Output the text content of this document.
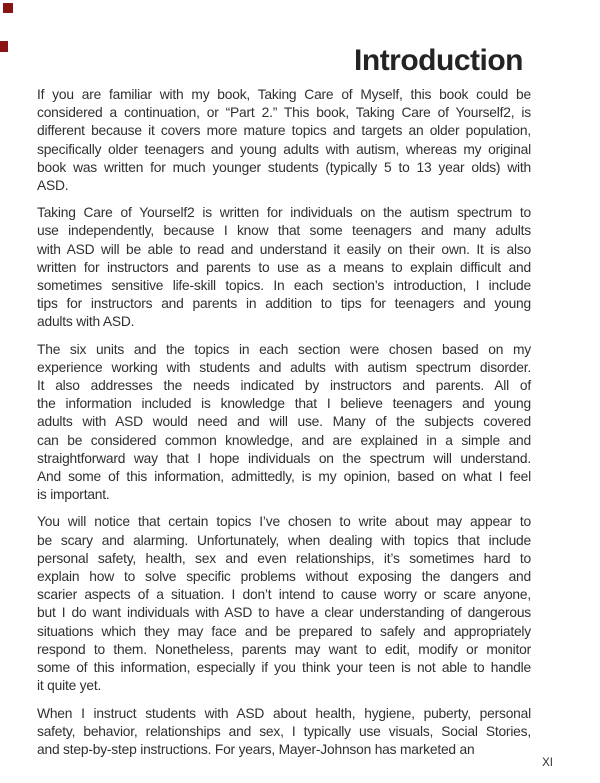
Introduction
If you are familiar with my book, Taking Care of Myself, this book could be
considered a continuation, or “Part 2.” This book, Taking Care of Yourself2, is
different because it covers more mature topics and targets an older population,
specifically older teenagers and young adults with autism, whereas my original
book was written for much younger students (typically 5 to 13 year olds) with
ASD.
Taking Care of Yourself2 is written for individuals on the autism spectrum to
use independently, because I know that some teenagers and many adults
with ASD will be able to read and understand it easily on their own. It is also
written for instructors and parents to use as a means to explain difficult and
sometimes sensitive life-skill topics. In each section’s introduction, I include
tips for instructors and parents in addition to tips for teenagers and young
adults with ASD.
The six units and the topics in each section were chosen based on my
experience working with students and adults with autism spectrum disorder.
It also addresses the needs indicated by instructors and parents. All of
the information included is knowledge that I believe teenagers and young
adults with ASD would need and will use. Many of the subjects covered
can be considered common knowledge, and are explained in a simple and
straightforward way that I hope individuals on the spectrum will understand.
And some of this information, admittedly, is my opinion, based on what I feel
is important.
You will notice that certain topics I’ve chosen to write about may appear to
be scary and alarming. Unfortunately, when dealing with topics that include
personal safety, health, sex and even relationships, it’s sometimes hard to
explain how to solve specific problems without exposing the dangers and
scarier aspects of a situation. I don’t intend to cause worry or scare anyone,
but I do want individuals with ASD to have a clear understanding of dangerous
situations which they may face and be prepared to safely and appropriately
respond to them. Nonetheless, parents may want to edit, modify or monitor
some of this information, especially if you think your teen is not able to handle
it quite yet.
When I instruct students with ASD about health, hygiene, puberty, personal
safety, behavior, relationships and sex, I typically use visuals, Social Stories,
and step-by-step instructions. For years, Mayer-Johnson has marketed an
XI
